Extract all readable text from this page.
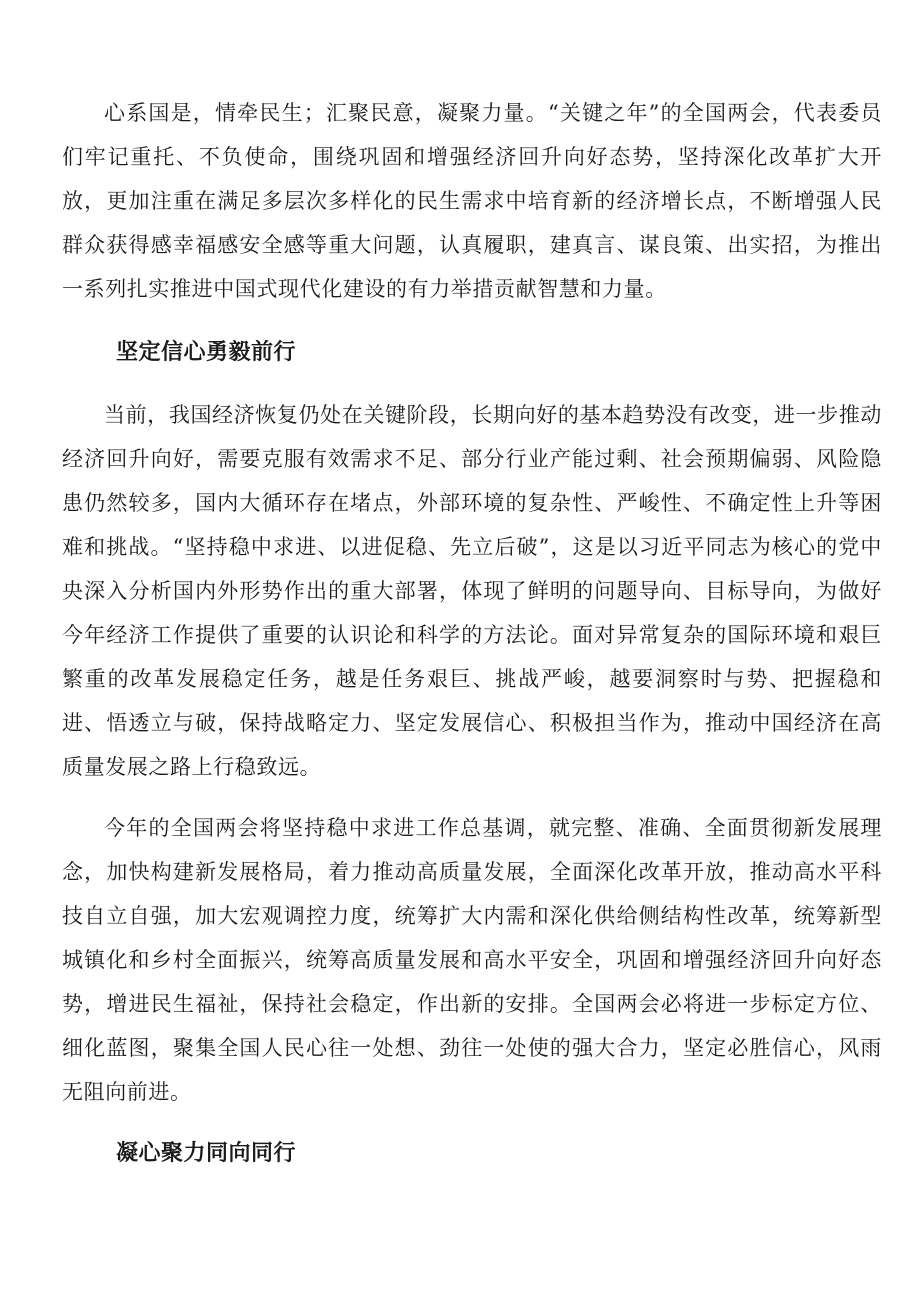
心系国是，情牵民生；汇聚民意，凝聚力量。“关键之年”的全国两会，代表委员们牢记重托、不负使命，围绕巩固和增强经济回升向好态势，坚持深化改革扩大开放，更加注重在满足多层次多样化的民生需求中培育新的经济增长点，不断增强人民群众获得感幸福感安全感等重大问题，认真履职，建真言、谋良策、出实招，为推出一系列扎实推进中国式现代化建设的有力举措贡献智慧和力量。

坚定信心勇毅前行

当前，我国经济恢复仍处在关键阶段，长期向好的基本趋势没有改变，进一步推动经济回升向好，需要克服有效需求不足、部分行业产能过剩、社会预期偏弱、风险隐患仍然较多，国内大循环存在堵点，外部环境的复杂性、严峻性、不确定性上升等困难和挑战。“坚持稳中求进、以进促稳、先立后破”，这是以习近平同志为核心的党中央深入分析国内外形势作出的重大部署，体现了鲜明的问题导向、目标导向，为做好今年经济工作提供了重要的认识论和科学的方法论。面对异常复杂的国际环境和艰巨繁重的改革发展稳定任务，越是任务艰巨、挑战严峻，越要洞察时与势、把握稳和进、悟透立与破，保持战略定力、坚定发展信心、积极担当作为，推动中国经济在高质量发展之路上行稳致远。

今年的全国两会将坚持稳中求进工作总基调，就完整、准确、全面贯彻新发展理念，加快构建新发展格局，着力推动高质量发展，全面深化改革开放，推动高水平科技自立自强，加大宏观调控力度，统筹扩大内需和深化供给侧结构性改革，统筹新型城镇化和乡村全面振兴，统筹高质量发展和高水平安全，巩固和增强经济回升向好态势，增进民生福祉，保持社会稳定，作出新的安排。全国两会必将进一步标定方位、细化蓝图，聚集全国人民心往一处想、劲往一处使的强大合力，坚定必胜信心，风雨无阻向前进。

凝心聚力同向同行
